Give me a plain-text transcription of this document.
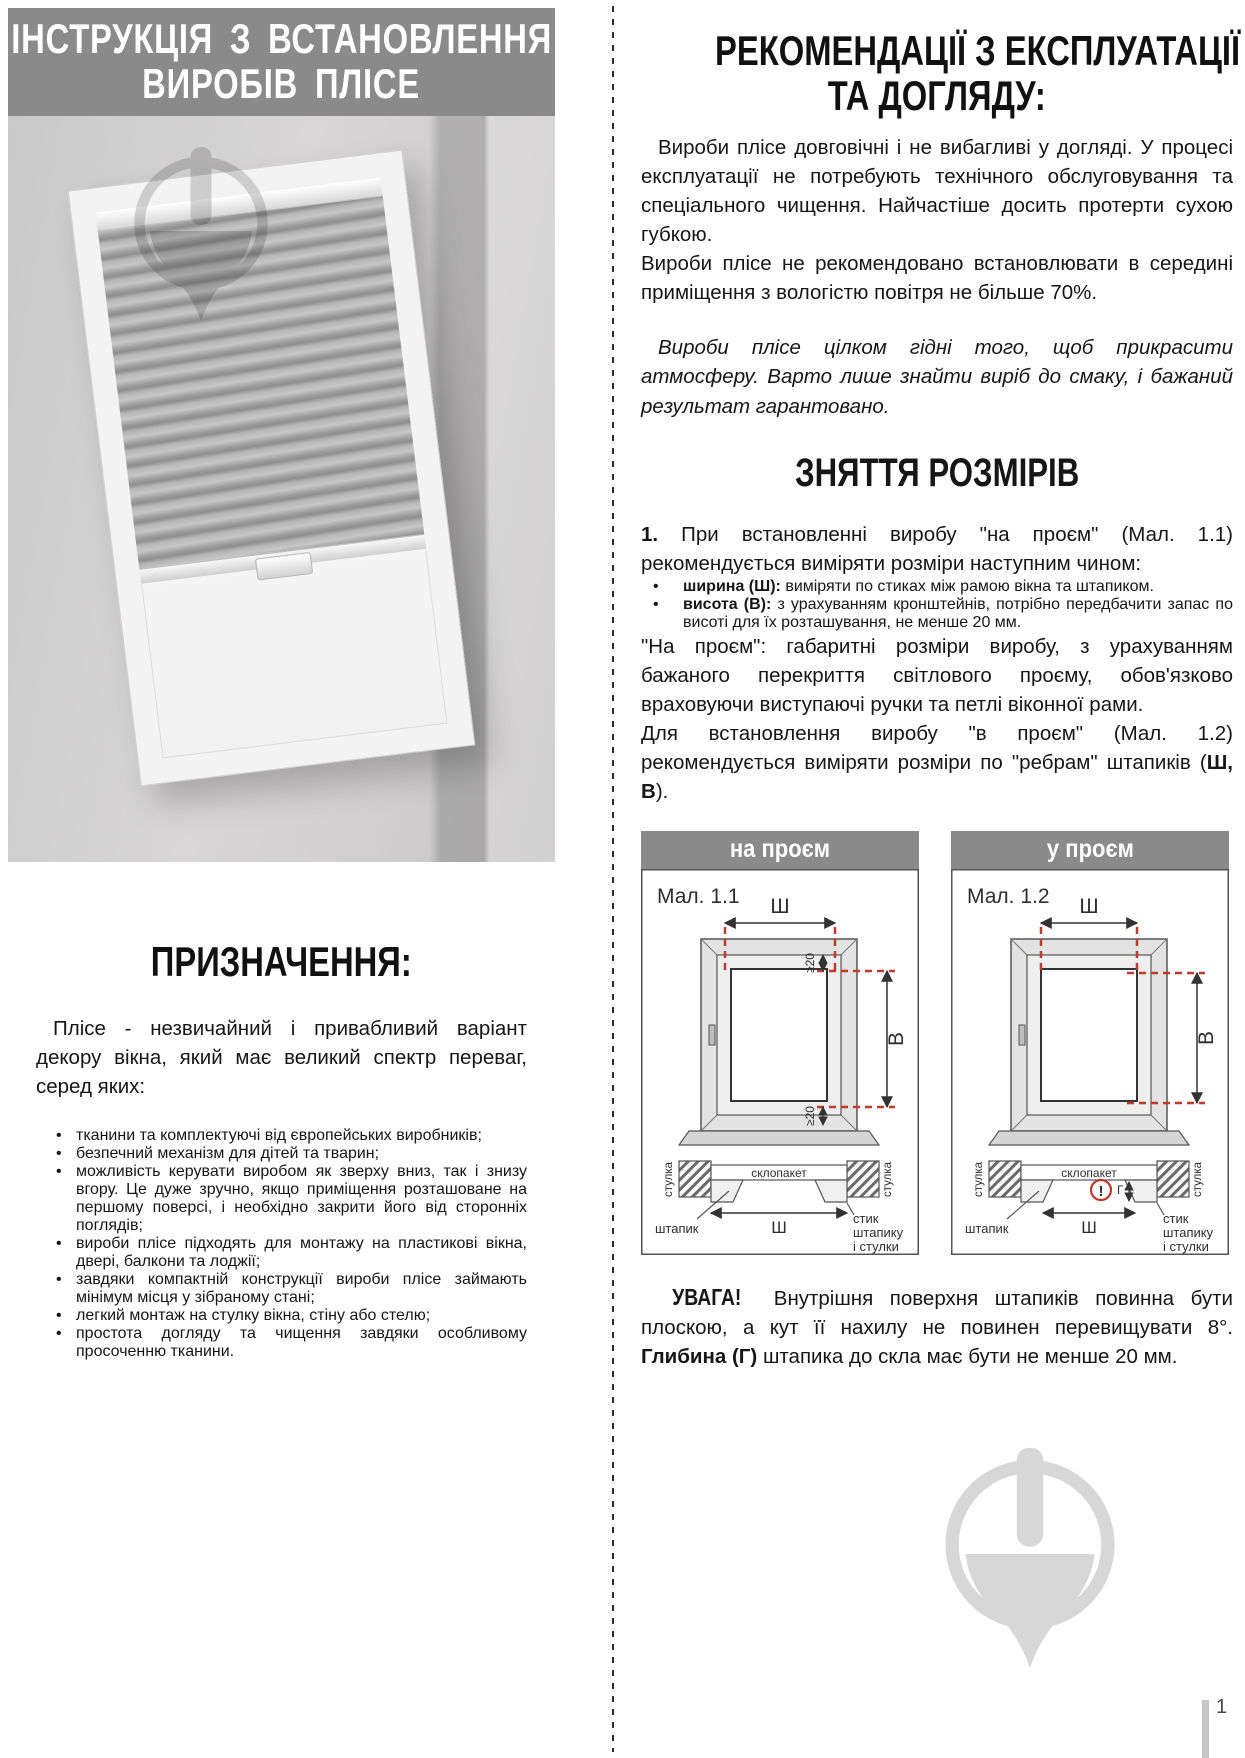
ІНСТРУКЦІЯ З ВСТАНОВЛЕННЯ
ВИРОБІВ ПЛІСЕ
ПРИЗНАЧЕННЯ:

Плісе - незвичайний і привабливий варіант декору вікна, який має великий спектр переваг, серед яких:

• тканини та комплектуючі від європейських виробників;
• безпечний механізм для дітей та тварин;
• можливість керувати виробом як зверху вниз, так і знизу вгору. Це дуже зручно, якщо приміщення розташоване на першому поверсі, і необхідно закрити його від сторонніх поглядів;
• вироби плісе підходять для монтажу на пластикові вікна, двері, балкони та лоджії;
• завдяки компактній конструкції вироби плісе займають мінімум місця у зібраному стані;
• легкий монтаж на стулку вікна, стіну або стелю;
• простота догляду та чищення завдяки особливому просоченню тканини.
РЕКОМЕНДАЦІЇ З ЕКСПЛУАТАЦІЇ
ТА ДОГЛЯДУ:

Вироби плісе довговічні і не вибагливі у догляді. У процесі експлуатації не потребують технічного обслуговування та спеціального чищення. Найчастіше досить протерти сухою губкою.

Вироби плісе не рекомендовано встановлювати в середині приміщення з вологістю повітря не більше 70%.

Вироби плісе цілком гідні того, щоб прикрасити атмосферу. Варто лише знайти виріб до смаку, і бажаний результат гарантовано.

ЗНЯТТЯ РОЗМІРІВ

1. При встановленні виробу "на проєм" (Мал. 1.1) рекомендується виміряти розміри наступним чином:

•	ширина (Ш): виміряти по стиках між рамою вікна та штапиком.
•	висота (В): з урахуванням кронштейнів, потрібно передбачити запас по висоті для їх розташування, не менше 20 мм.

"На проєм": габаритні розміри виробу, з урахуванням бажаного перекриття світлового проєму, обов'язково враховуючи виступаючі ручки та петлі віконної рами.

Для встановлення виробу "в проєм" (Мал. 1.2) рекомендується виміряти розміри по "ребрам" штапиків (Ш, В).

на проєм
Мал. 1.1 Ш
В
≥20
≥20
стулка	стулка
склопакет
Ш
штапик
стик
штапику
і стулки
у проєм
Мал. 1.2 Ш
В
стулка	стулка
склопакет
! Г
Ш
штапик
стик
штапику
і стулки

УВАГА! Внутрішня поверхня штапиків повинна бути плоскою, а кут її нахилу не повинен перевищувати 8°. Глибина (Г) штапика до скла має бути не менше 20 мм.

1
